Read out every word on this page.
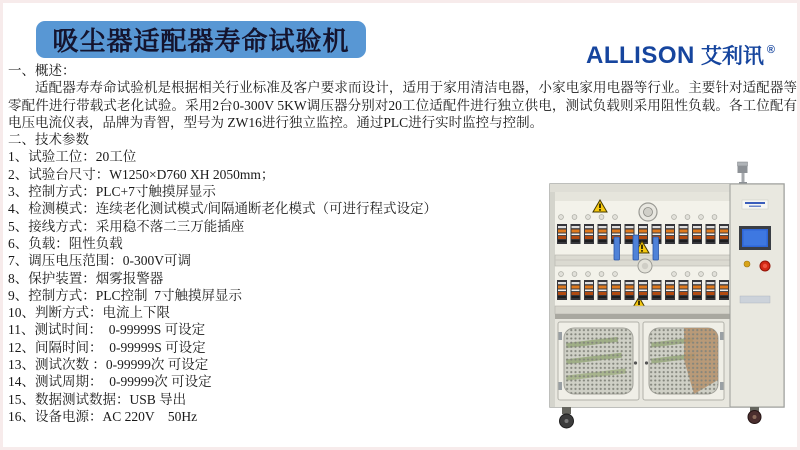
吸尘器适配器寿命试验机	ALLISON 艾利讯 ®
一、概述：
适配器寿寿命试验机是根据相关行业标准及客户要求而设计，适用于家用清洁电器，小家电家用电器等行业。主要针对适配器等零配件进行带载式老化试验。采用2台0-300V 5KW调压器分别对20工位适配件进行独立供电，测试负载则采用阻性负载。各工位配有电压电流仪表，品牌为青智，型号为 ZW16进行独立监控。通过PLC进行实时监控与控制。
二、技术参数
1、试验工位：20工位
2、试验台尺寸：W1250×D760 XH 2050mm；
3、控制方式：PLC+7寸触摸屏显示
4、检测模式：连续老化测试模式/间隔通断老化模式（可进行程式设定）
5、接线方式：采用稳不落二三万能插座
6、负载：阻性负载
7、调压电压范围：0-300V可调
8、保护装置：烟雾报警器
9、控制方式：PLC控制  7寸触摸屏显示
10、判断方式：电流上下限
11、测试时间：  0-99999S 可设定
12、间隔时间：  0-99999S 可设定
13、测试次数 ：0-99999次 可设定
14、测试周期：  0-99999次 可设定
15、数据测试数据：USB 导出
16、设备电源：AC 220V    50Hz
